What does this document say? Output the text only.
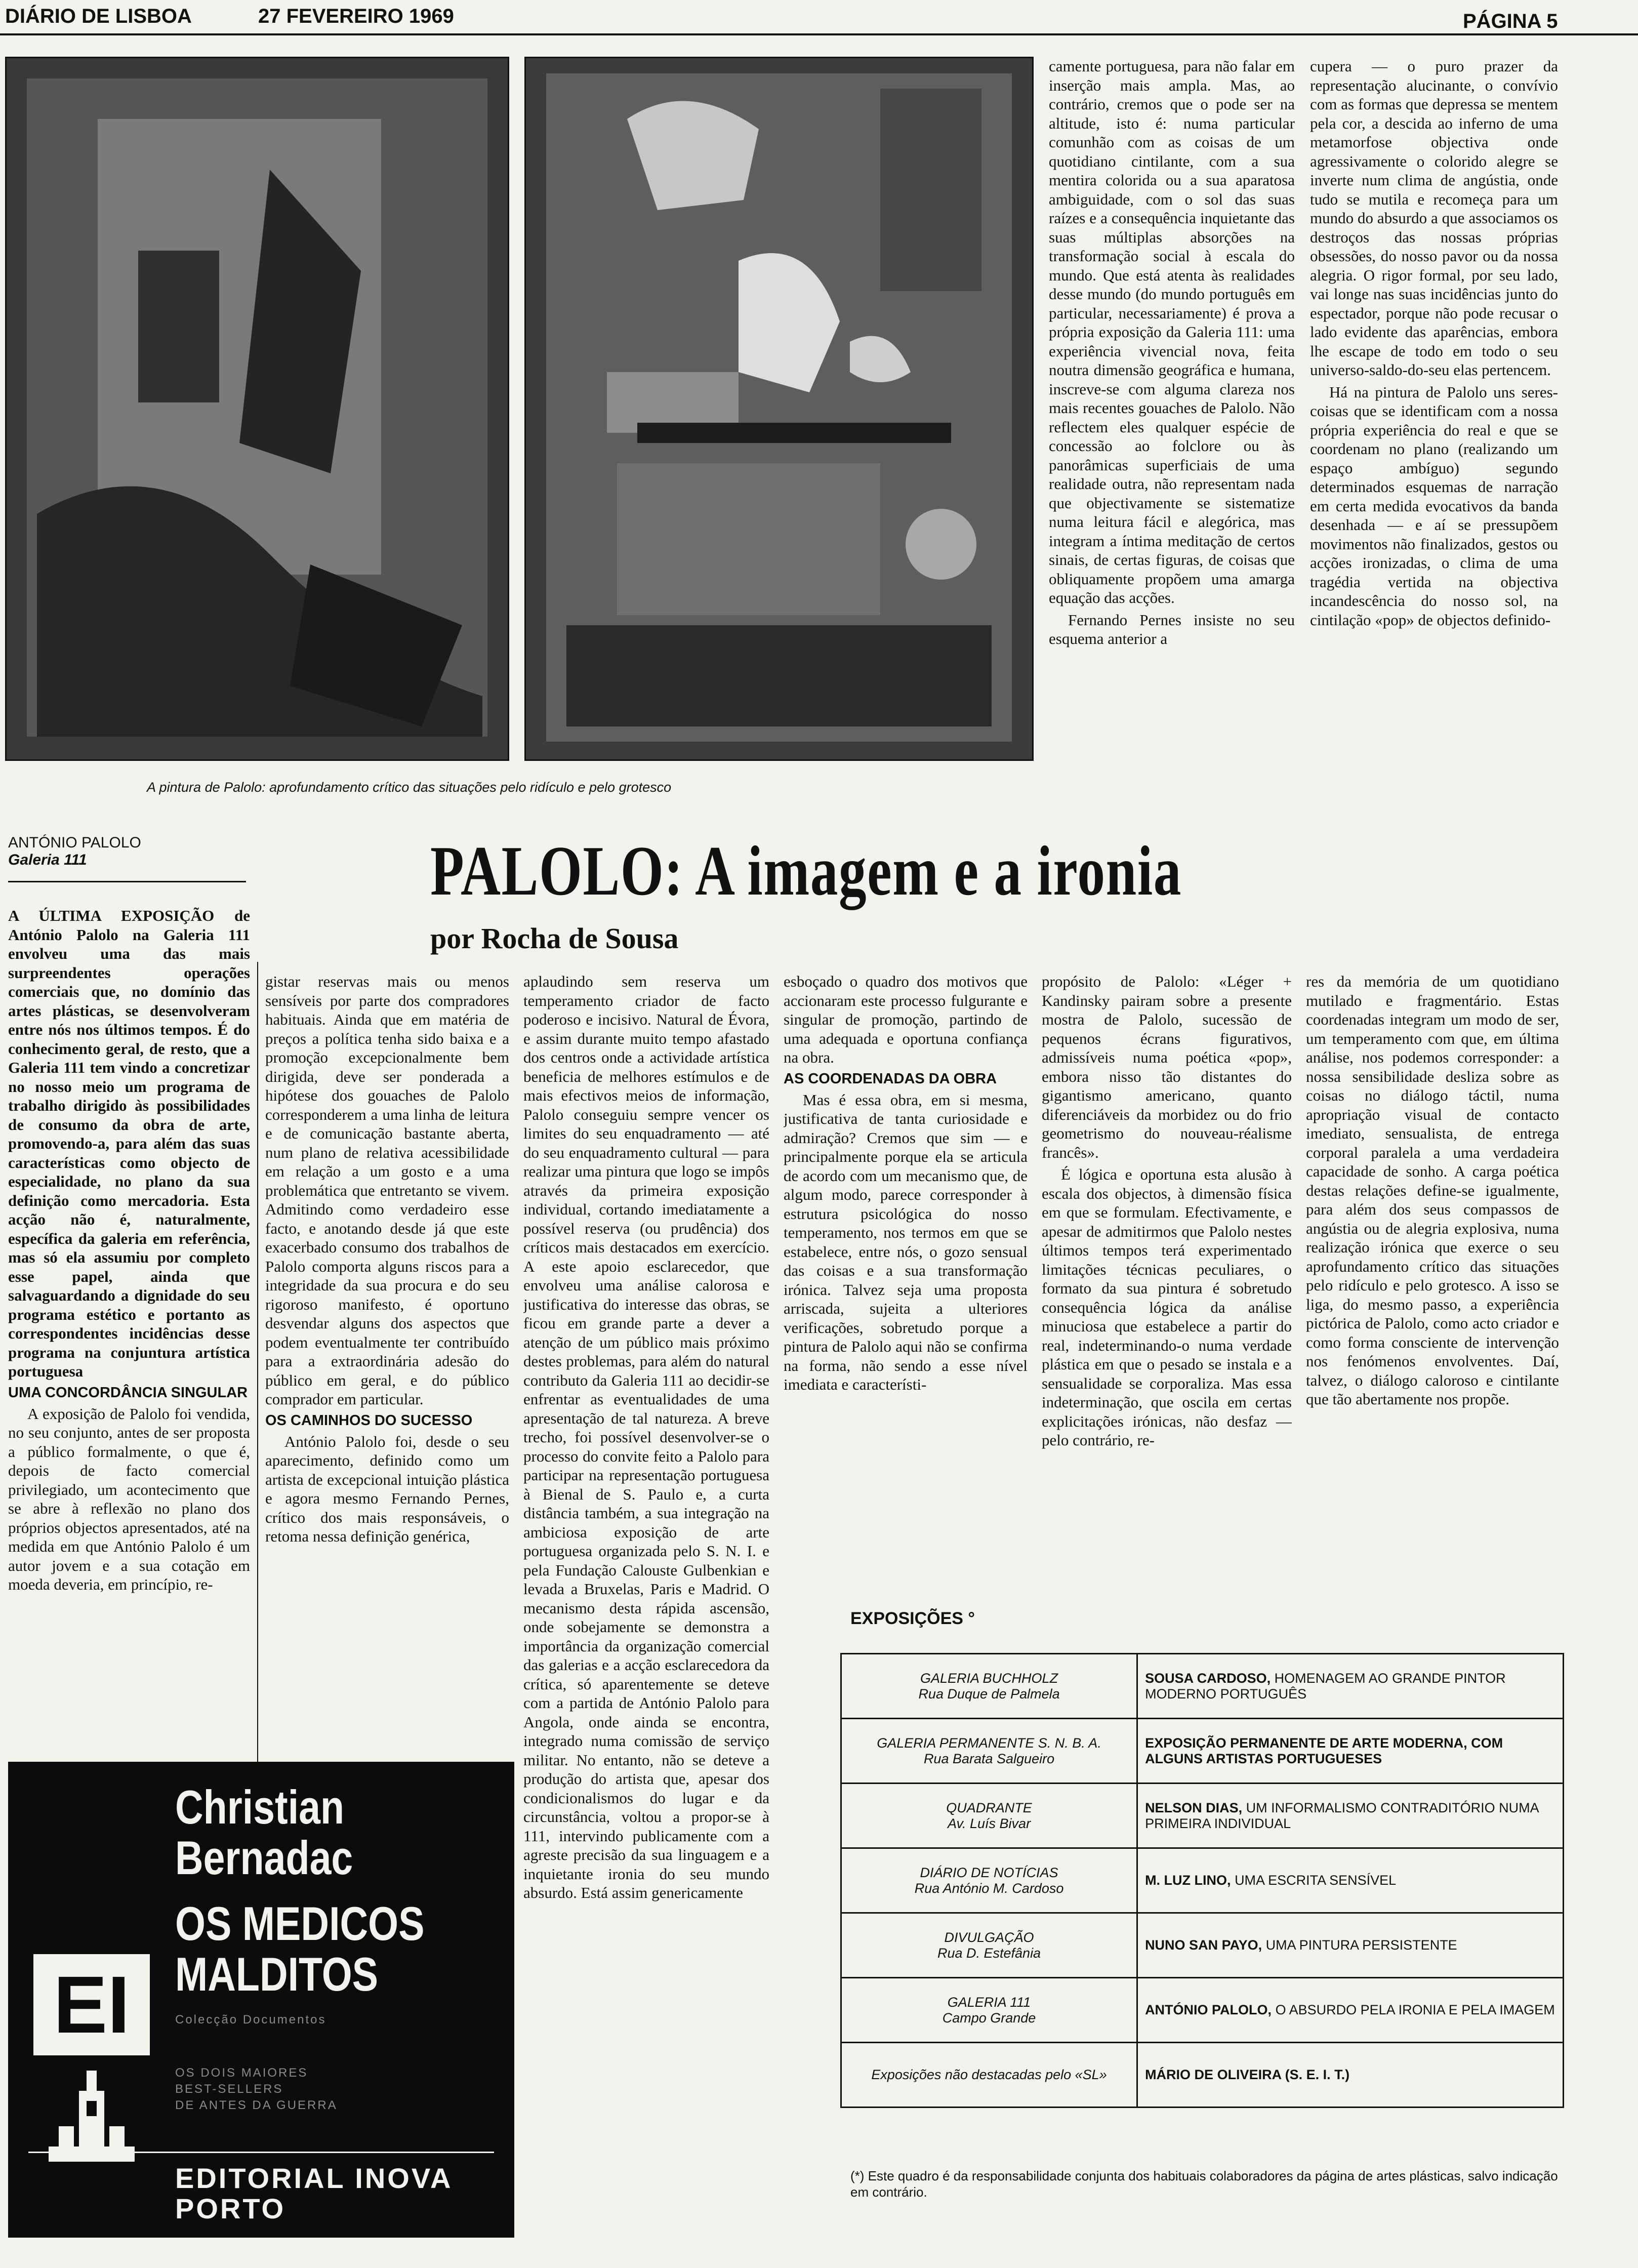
DIÁRIO DE LISBOA	27 FEVEREIRO 1969	PÁGINA 5
A pintura de Palolo: aprofundamento crítico das situações pelo ridículo e pelo grotesco

camente portuguesa, para não falar em inserção mais ampla. Mas, ao contrário, cremos que o pode ser na altitude, isto é: numa particular comunhão com as coisas de um quotidiano cintilante, com a sua mentira colorida ou a sua aparatosa ambiguidade, com o sol das suas raízes e a consequência inquietante das suas múltiplas absorções na transformação social à escala do mundo. Que está atenta às realidades desse mundo (do mundo português em particular, necessariamente) é prova a própria exposição da Galeria 111: uma experiência vivencial nova, feita noutra dimensão geográfica e humana, inscreve-se com alguma clareza nos mais recentes gouaches de Palolo. Não reflectem eles qualquer espécie de concessão ao folclore ou às panorâmicas superficiais de uma realidade outra, não representam nada que objectivamente se sistematize numa leitura fácil e alegórica, mas integram a íntima meditação de certos sinais, de certas figuras, de coisas que obliquamente propõem uma amarga equação das acções.

Fernando Pernes insiste no seu esquema anterior a

cupera — o puro prazer da representação alucinante, o convívio com as formas que depressa se mentem pela cor, a descida ao inferno de uma metamorfose objectiva onde agressivamente o colorido alegre se inverte num clima de angústia, onde tudo se mutila e recomeça para um mundo do absurdo a que associamos os destroços das nossas próprias obsessões, do nosso pavor ou da nossa alegria. O rigor formal, por seu lado, vai longe nas suas incidências junto do espectador, porque não pode recusar o lado evidente das aparências, embora lhe escape de todo em todo o seu universo-saldo-do-seu elas pertencem.

Há na pintura de Palolo uns seres-coisas que se identificam com a nossa própria experiência do real e que se coordenam no plano (realizando um espaço ambíguo) segundo determinados esquemas de narração em certa medida evocativos da banda desenhada — e aí se pressupõem movimentos não finalizados, gestos ou acções ironizadas, o clima de uma tragédia vertida na objectiva incandescência do nosso sol, na cintilação «pop» de objectos definido-

ANTÓNIO PALOLO
Galeria 111	PALOLO: A imagem e a ironia
por Rocha de Sousa

A ÚLTIMA EXPOSIÇÃO de António Palolo na Galeria 111 envolveu uma das mais surpreendentes operações comerciais que, no domínio das artes plásticas, se desenvolveram entre nós nos últimos tempos. É do conhecimento geral, de resto, que a Galeria 111 tem vindo a concretizar no nosso meio um programa de trabalho dirigido às possibilidades de consumo da obra de arte, promovendo-a, para além das suas características como objecto de especialidade, no plano da sua definição como mercadoria. Esta acção não é, naturalmente, específica da galeria em referência, mas só ela assumiu por completo esse papel, ainda que salvaguardando a dignidade do seu programa estético e portanto as correspondentes incidências desse programa na conjuntura artística portuguesa

UMA CONCORDÂNCIA SINGULAR

A exposição de Palolo foi vendida, no seu conjunto, antes de ser proposta a público formalmente, o que é, depois de facto comercial privilegiado, um acontecimento que se abre à reflexão no plano dos próprios objectos apresentados, até na medida em que António Palolo é um autor jovem e a sua cotação em moeda deveria, em princípio, re-

gistar reservas mais ou menos sensíveis por parte dos compradores habituais. Ainda que em matéria de preços a política tenha sido baixa e a promoção excepcionalmente bem dirigida, deve ser ponderada a hipótese dos gouaches de Palolo corresponderem a uma linha de leitura e de comunicação bastante aberta, num plano de relativa acessibilidade em relação a um gosto e a uma problemática que entretanto se vivem. Admitindo como verdadeiro esse facto, e anotando desde já que este exacerbado consumo dos trabalhos de Palolo comporta alguns riscos para a integridade da sua procura e do seu rigoroso manifesto, é oportuno desvendar alguns dos aspectos que podem eventualmente ter contribuído para a extraordinária adesão do público em geral, e do público comprador em particular.

OS CAMINHOS DO SUCESSO

António Palolo foi, desde o seu aparecimento, definido como um artista de excepcional intuição plástica e agora mesmo Fernando Pernes, crítico dos mais responsáveis, o retoma nessa definição genérica,

aplaudindo sem reserva um temperamento criador de facto poderoso e incisivo. Natural de Évora, e assim durante muito tempo afastado dos centros onde a actividade artística beneficia de melhores estímulos e de mais efectivos meios de informação, Palolo conseguiu sempre vencer os limites do seu enquadramento — até do seu enquadramento cultural — para realizar uma pintura que logo se impôs através da primeira exposição individual, cortando imediatamente a possível reserva (ou prudência) dos críticos mais destacados em exercício. A este apoio esclarecedor, que envolveu uma análise calorosa e justificativa do interesse das obras, se ficou em grande parte a dever a atenção de um público mais próximo destes problemas, para além do natural contributo da Galeria 111 ao decidir-se enfrentar as eventualidades de uma apresentação de tal natureza. A breve trecho, foi possível desenvolver-se o processo do convite feito a Palolo para participar na representação portuguesa à Bienal de S. Paulo e, a curta distância também, a sua integração na ambiciosa exposição de arte portuguesa organizada pelo S. N. I. e pela Fundação Calouste Gulbenkian e levada a Bruxelas, Paris e Madrid. O mecanismo desta rápida ascensão, onde sobejamente se demonstra a importância da organização comercial das galerias e a acção esclarecedora da crítica, só aparentemente se deteve com a partida de António Palolo para Angola, onde ainda se encontra, integrado numa comissão de serviço militar. No entanto, não se deteve a produção do artista que, apesar dos condicionalismos do lugar e da circunstância, voltou a propor-se à 111, intervindo publicamente com a agreste precisão da sua linguagem e a inquietante ironia do seu mundo absurdo. Está assim genericamente

esboçado o quadro dos motivos que accionaram este processo fulgurante e singular de promoção, partindo de uma adequada e oportuna confiança na obra.

AS COORDENADAS DA OBRA

Mas é essa obra, em si mesma, justificativa de tanta curiosidade e admiração? Cremos que sim — e principalmente porque ela se articula de acordo com um mecanismo que, de algum modo, parece corresponder à estrutura psicológica do nosso temperamento, nos termos em que se estabelece, entre nós, o gozo sensual das coisas e a sua transformação irónica. Talvez seja uma proposta arriscada, sujeita a ulteriores verificações, sobretudo porque a pintura de Palolo aqui não se confirma na forma, não sendo a esse nível imediata e característi-

propósito de Palolo: «Léger + Kandinsky pairam sobre a presente mostra de Palolo, sucessão de pequenos écrans figurativos, admissíveis numa poética «pop», embora nisso tão distantes do gigantismo americano, quanto diferenciáveis da morbidez ou do frio geometrismo do nouveau-réalisme francês».

É lógica e oportuna esta alusão à escala dos objectos, à dimensão física em que se formulam. Efectivamente, e apesar de admitirmos que Palolo nestes últimos tempos terá experimentado limitações técnicas peculiares, o formato da sua pintura é sobretudo consequência lógica da análise minuciosa que estabelece a partir do real, indeterminando-o numa verdade plástica em que o pesado se instala e a sensualidade se corporaliza. Mas essa indeterminação, que oscila em certas explicitações irónicas, não desfaz — pelo contrário, re-

res da memória de um quotidiano mutilado e fragmentário. Estas coordenadas integram um modo de ser, um temperamento com que, em última análise, nos podemos corresponder: a nossa sensibilidade desliza sobre as coisas no diálogo táctil, numa apropriação visual de contacto imediato, sensualista, de entrega corporal paralela a uma verdadeira capacidade de sonho. A carga poética destas relações define-se igualmente, para além dos seus compassos de angústia ou de alegria explosiva, numa realização irónica que exerce o seu aprofundamento crítico das situações pelo ridículo e pelo grotesco. A isso se liga, do mesmo passo, a experiência pictórica de Palolo, como acto criador e como forma consciente de intervenção nos fenómenos envolventes. Daí, talvez, o diálogo caloroso e cintilante que tão abertamente nos propõe.

Christian
Bernadac
OS MEDICOS
MALDITOS
EI	Colecção Documentos
OS DOIS MAIORES
BEST-SELLERS
DE ANTES DA GUERRA
EDITORIAL INOVA
PORTO
EXPOSIÇÕES °
GALERIA BUCHHOLZ
Rua Duque de Palmela	SOUSA CARDOSO, HOMENAGEM AO GRANDE PINTOR MODERNO PORTUGUÊS

GALERIA PERMANENTE S. N. B. A.
Rua Barata Salgueiro	EXPOSIÇÃO PERMANENTE DE ARTE MODERNA, COM ALGUNS ARTISTAS PORTUGUESES

QUADRANTE
Av. Luís Bivar	NELSON DIAS, UM INFORMALISMO CONTRADITÓRIO NUMA PRIMEIRA INDIVIDUAL

DIÁRIO DE NOTÍCIAS
Rua António M. Cardoso	M. LUZ LINO, UMA ESCRITA SENSÍVEL

DIVULGAÇÃO
Rua D. Estefânia	NUNO SAN PAYO, UMA PINTURA PERSISTENTE

GALERIA 111
Campo Grande	ANTÓNIO PALOLO, O ABSURDO PELA IRONIA E PELA IMAGEM

Exposições não destacadas pelo «SL»	MÁRIO DE OLIVEIRA (S. E. I. T.)
(*) Este quadro é da responsabilidade conjunta dos habituais colaboradores da página de artes plásticas, salvo indicação em contrário.
